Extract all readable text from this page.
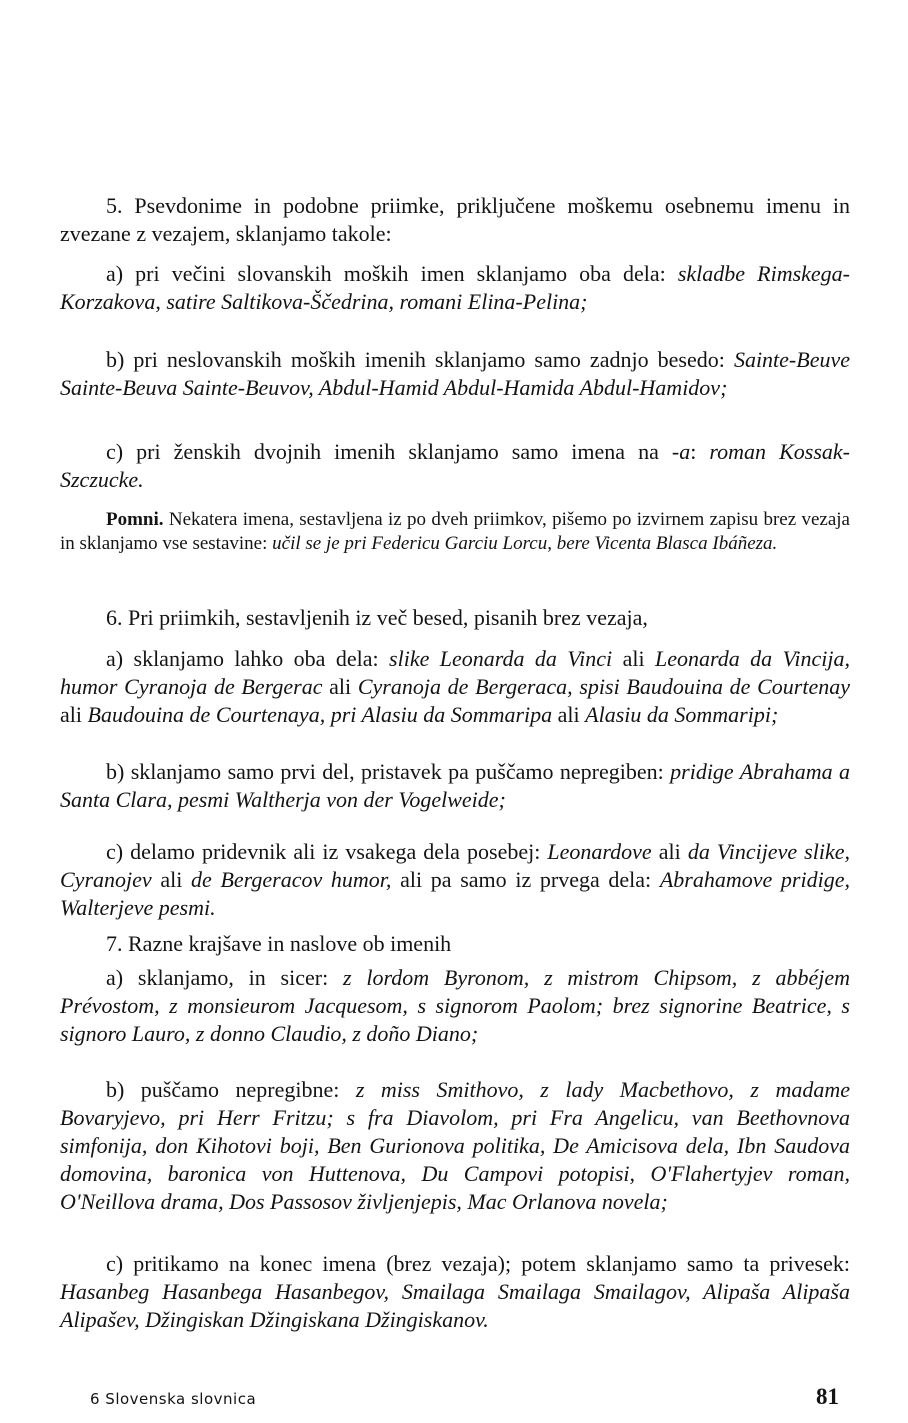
5. Psevdonime in podobne priimke, priključene moškemu osebnemu imenu in zvezane z vezajem, sklanjamo takole:

a) pri večini slovanskih moških imen sklanjamo oba dela: skladbe Rimskega-Korzakova, satire Saltikova-Ščedrina, romani Elina-Pelina;

b) pri neslovanskih moških imenih sklanjamo samo zadnjo besedo: Sainte-Beuve Sainte-Beuva Sainte-Beuvov, Abdul-Hamid Abdul-Hamida Abdul-Hamidov;

c) pri ženskih dvojnih imenih sklanjamo samo imena na -a: roman Kossak-Szczucke.

Pomni. Nekatera imena, sestavljena iz po dveh priimkov, pišemo po izvirnem zapisu brez vezaja in sklanjamo vse sestavine: učil se je pri Federicu Garciu Lorcu, bere Vicenta Blasca Ibáñeza.

6. Pri priimkih, sestavljenih iz več besed, pisanih brez vezaja,

a) sklanjamo lahko oba dela: slike Leonarda da Vinci ali Leonarda da Vincija, humor Cyranoja de Bergerac ali Cyranoja de Bergeraca, spisi Baudouina de Courtenay ali Baudouina de Courtenaya, pri Alasiu da Sommaripa ali Alasiu da Sommaripi;

b) sklanjamo samo prvi del, pristavek pa puščamo nepregiben: pridige Abrahama a Santa Clara, pesmi Waltherja von der Vogelweide;

c) delamo pridevnik ali iz vsakega dela posebej: Leonardove ali da Vincijeve slike, Cyranojev ali de Bergeracov humor, ali pa samo iz prvega dela: Abrahamove pridige, Walterjeve pesmi.

7. Razne krajšave in naslove ob imenih

a) sklanjamo, in sicer: z lordom Byronom, z mistrom Chipsom, z abbéjem Prévostom, z monsieurom Jacquesom, s signorom Paolom; brez signorine Beatrice, s signoro Lauro, z donno Claudio, z doño Diano;

b) puščamo nepregibne: z miss Smithovo, z lady Macbethovo, z madame Bovaryjevo, pri Herr Fritzu; s fra Diavolom, pri Fra Angelicu, van Beethovnova simfonija, don Kihotovi boji, Ben Gurionova politika, De Amicisova dela, Ibn Saudova domovina, baronica von Huttenova, Du Campovi potopisi, O'Flahertyjev roman, O'Neillova drama, Dos Passosov življenjepis, Mac Orlanova novela;

c) pritikamo na konec imena (brez vezaja); potem sklanjamo samo ta privesek: Hasanbeg Hasanbega Hasanbegov, Smailaga Smailaga Smailagov, Alipaša Alipaša Alipašev, Džingiskan Džingiskana Džingiskanov.

6 Slovenska slovnica	81
